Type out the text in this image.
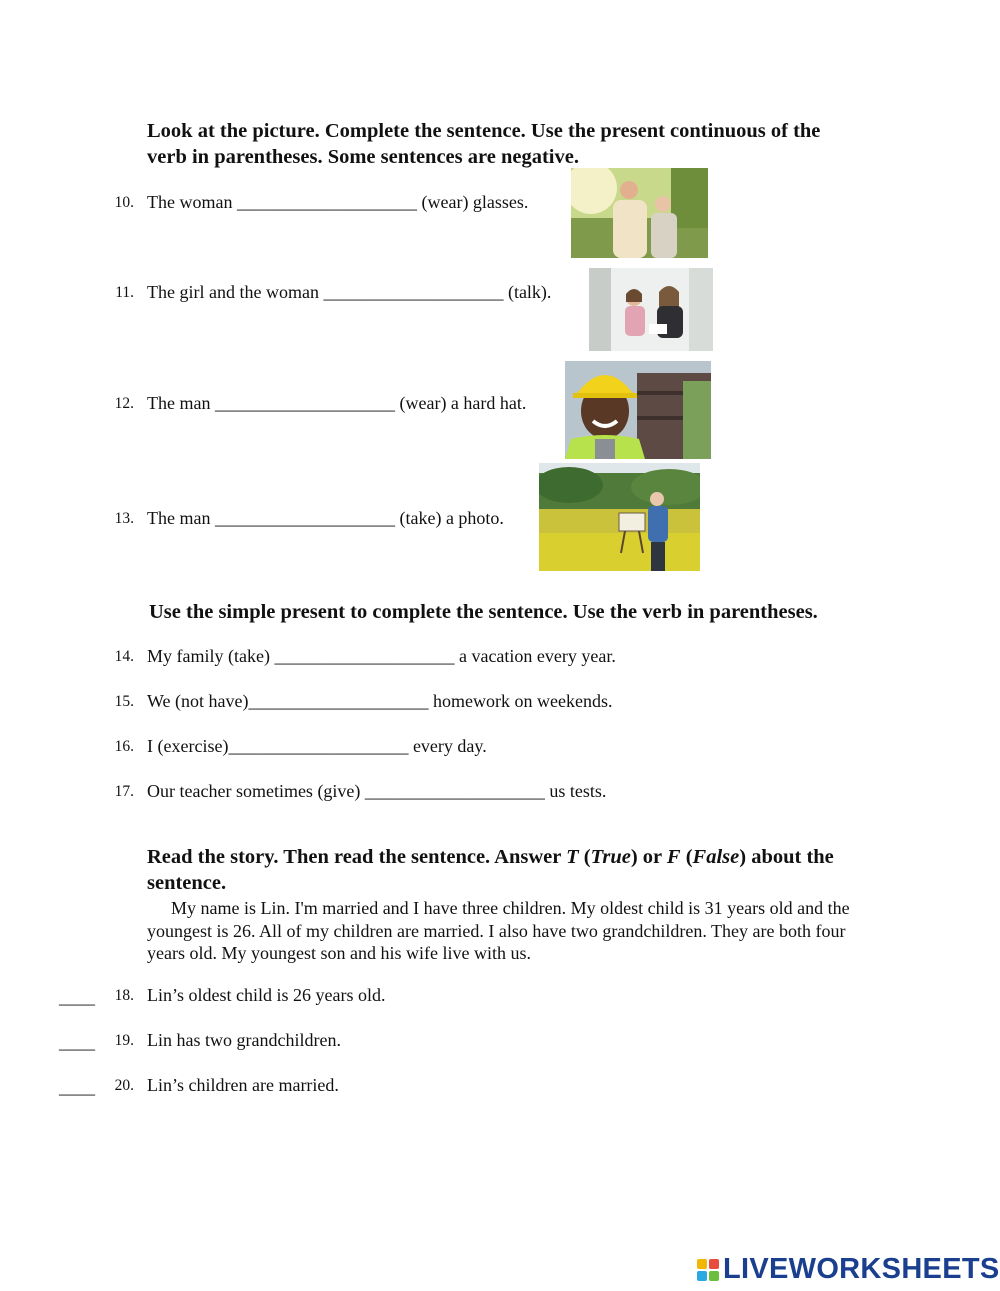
Look at the picture. Complete the sentence. Use the present continuous of the
verb in parentheses. Some sentences are negative.
10. The woman ____________________ (wear) glasses.
11. The girl and the woman ____________________ (talk).
12. The man ____________________ (wear) a hard hat.
13. The man ____________________ (take) a photo.
Use the simple present to complete the sentence. Use the verb in parentheses.
14. My family (take) ____________________ a vacation every year.
15. We (not have)____________________ homework on weekends.
16. I (exercise)____________________ every day.
17. Our teacher sometimes (give) ____________________ us tests.
Read the story. Then read the sentence. Answer T (True) or F (False) about the
sentence.
My name is Lin. I'm married and I have three children. My oldest child is 31 years old and the
youngest is 26. All of my children are married. I also have two grandchildren. They are both four
years old. My youngest son and his wife live with us.
____	18. Lin’s oldest child is 26 years old.
____	19. Lin has two grandchildren.
____	20. Lin’s children are married.
LIVEWORKSHEETS
